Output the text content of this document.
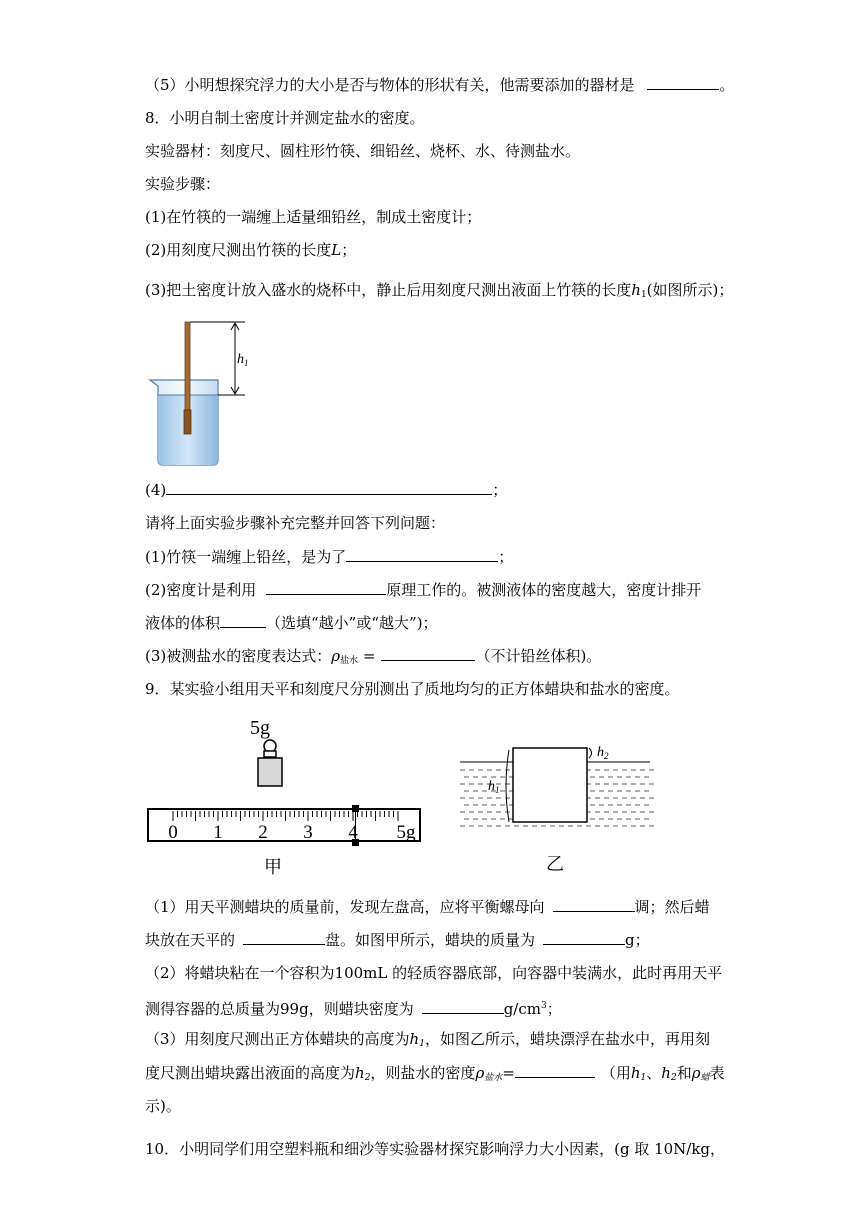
（5）小明想探究浮力的大小是否与物体的形状有关，他需要添加的器材是	。
8．小明自制土密度计并测定盐水的密度。
实验器材：刻度尺、圆柱形竹筷、细铅丝、烧杯、水、待测盐水。
实验步骤：
(1)在竹筷的一端缠上适量细铅丝，制成土密度计；
(2)用刻度尺测出竹筷的长度L；
(3)把土密度计放入盛水的烧杯中，静止后用刻度尺测出液面上竹筷的长度$h_1$(如图所示)；
$h_1$
(4)	；
请将上面实验步骤补充完整并回答下列问题：
(1)竹筷一端缠上铅丝，是为了	；
(2)密度计是利用	原理工作的。被测液体的密度越大，密度计排开
液体的体积	（选填“越小”或“越大”)；
(3)被测盐水的密度表达式：$\rho_{盐水}$ =	（不计铅丝体积)。
9．某实验小组用天平和刻度尺分别测出了质地均匀的正方体蜡块和盐水的密度。
5g
0 1 2 3 4 5g
甲
$h_2$
$h_1$
乙
（1）用天平测蜡块的质量前，发现左盘高，应将平衡螺母向	调；然后蜡
块放在天平的	盘。如图甲所示，蜡块的质量为	g；
（2）将蜡块粘在一个容积为100mL 的轻质容器底部，向容器中装满水，此时再用天平
测得容器的总质量为99g，则蜡块密度为	$g/cm^3$；
（3）用刻度尺测出正方体蜡块的高度为$h_1$，如图乙所示，蜡块漂浮在盐水中，再用刻
度尺测出蜡块露出液面的高度为$h_2$，则盐水的密度$\rho_{盐水}=$	（用$h_1$、$h_2$和$\rho_蜡$表
示)。
10．小明同学们用空塑料瓶和细沙等实验器材探究影响浮力大小因素，(g 取 10N/kg，
